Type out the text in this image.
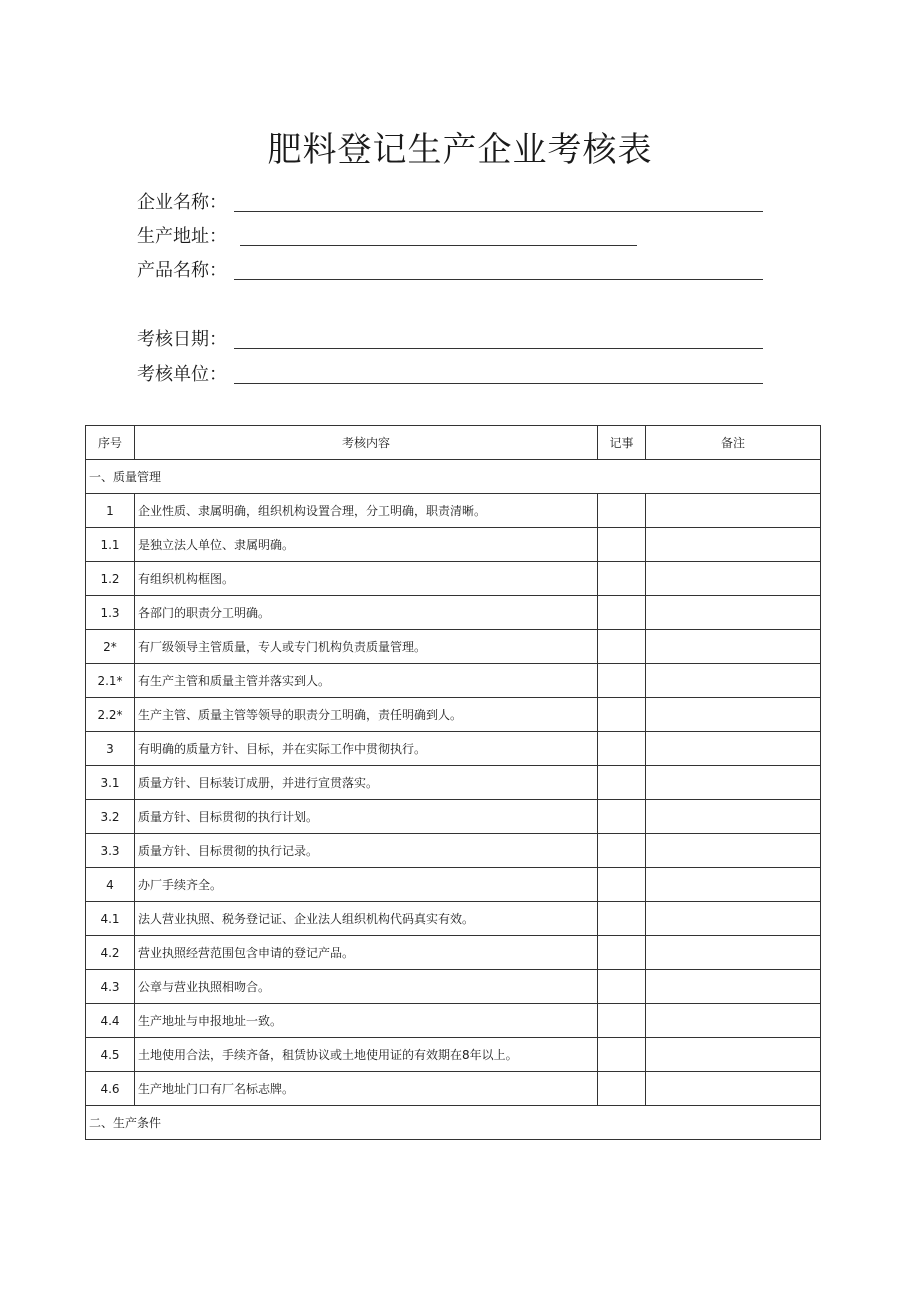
肥料登记生产企业考核表
企业名称：
生产地址：
产品名称：
考核日期：
考核单位：
序号	考核内容	记事	备注
一、质量管理			
1	企业性质、隶属明确，组织机构设置合理，分工明确，职责清晰。		
1.1	是独立法人单位、隶属明确。		
1.2	有组织机构框图。		
1.3	各部门的职责分工明确。		
2*	有厂级领导主管质量，专人或专门机构负责质量管理。		
2.1*	有生产主管和质量主管并落实到人。		
2.2*	生产主管、质量主管等领导的职责分工明确，责任明确到人。		
3	有明确的质量方针、目标，并在实际工作中贯彻执行。		
3.1	质量方针、目标装订成册，并进行宣贯落实。		
3.2	质量方针、目标贯彻的执行计划。		
3.3	质量方针、目标贯彻的执行记录。		
4	办厂手续齐全。		
4.1	法人营业执照、税务登记证、企业法人组织机构代码真实有效。		
4.2	营业执照经营范围包含申请的登记产品。		
4.3	公章与营业执照相吻合。		
4.4	生产地址与申报地址一致。		
4.5	土地使用合法，手续齐备，租赁协议或土地使用证的有效期在8年以上。		
4.6	生产地址门口有厂名标志牌。		
二、生产条件			
